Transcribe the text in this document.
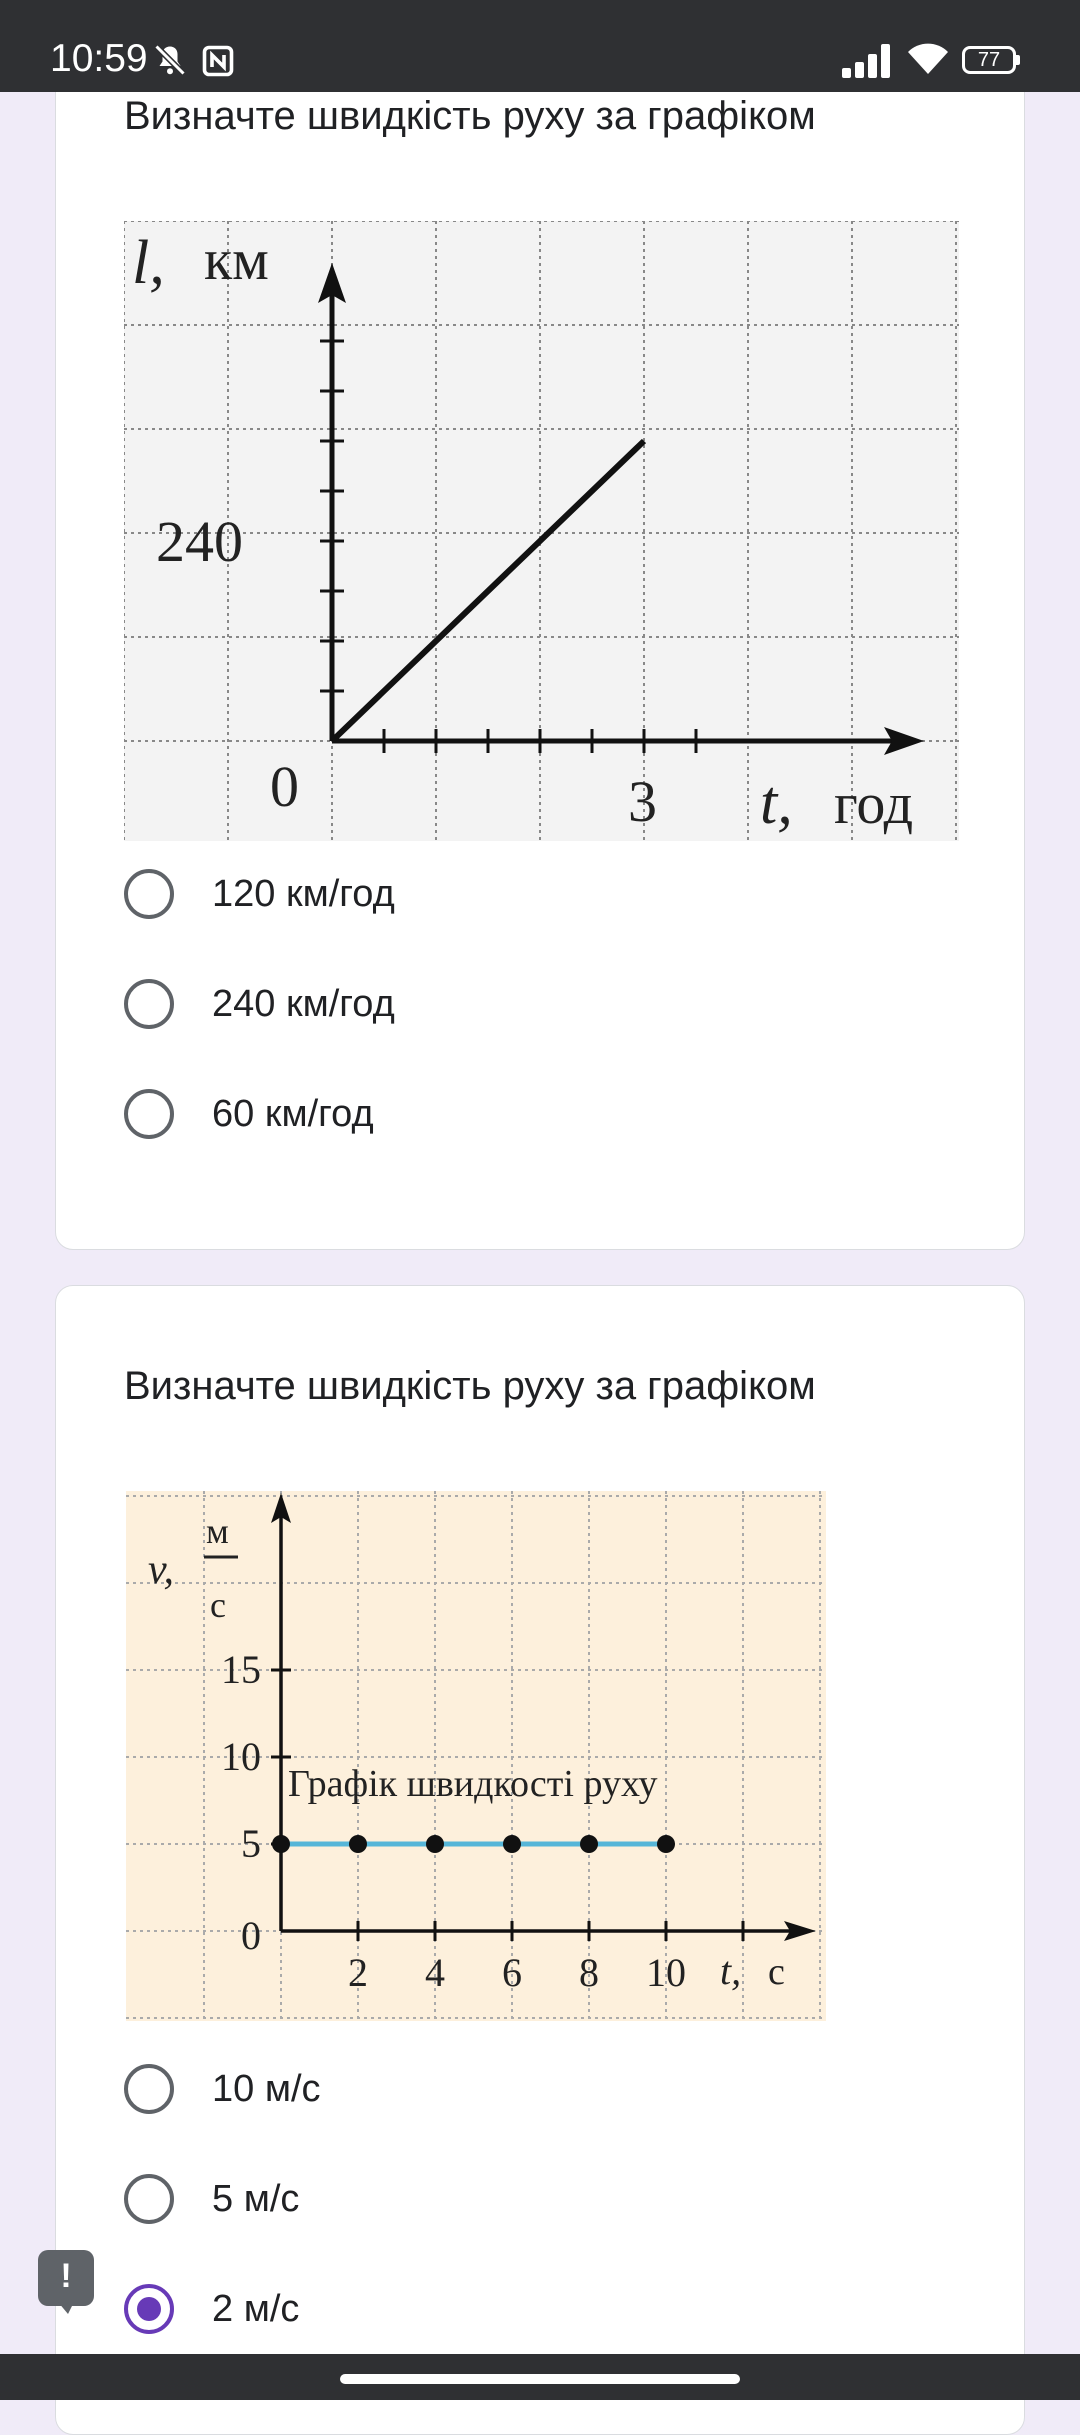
10:59	77
Визначте швидкість руху за графіком
0	3
240
l, км
t, год
120 км/год
240 км/год
60 км/год
Визначте швидкість руху за графіком
2 4 6 8 10
0
5
10
15
v,
м
с
Графік швидкості руху
t, с
10 м/с
5 м/с
2 м/с
!
